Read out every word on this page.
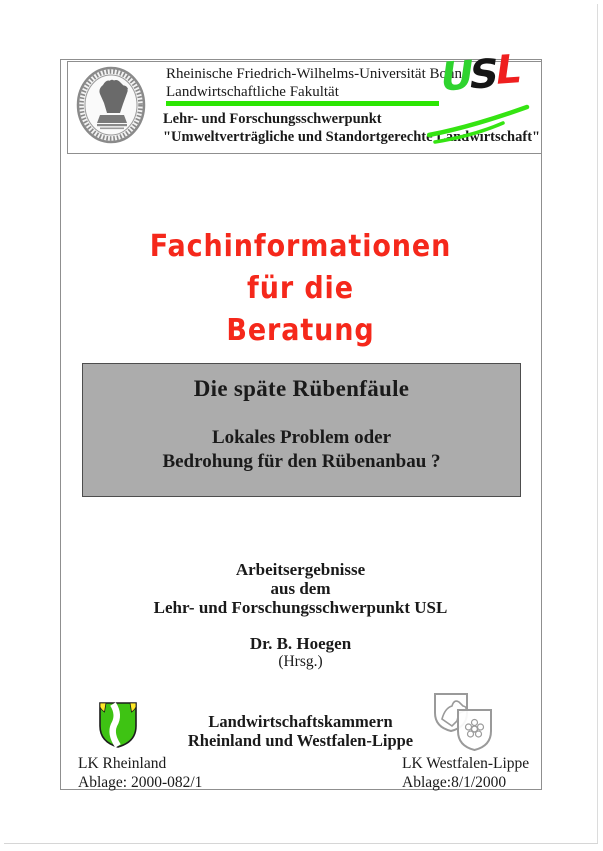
Rheinische Friedrich-Wilhelms-Universität Bonn
Landwirtschaftliche Fakultät
Lehr- und Forschungsschwerpunkt
"Umweltverträgliche und Standortgerechte Landwirtschaft"
USL
Fachinformationen
für die
Beratung
Die späte Rübenfäule
Lokales Problem oder
Bedrohung für den Rübenanbau ?
Arbeitsergebnisse
aus dem
Lehr- und Forschungsschwerpunkt USL
Dr. B. Hoegen
(Hrsg.)
Landwirtschaftskammern
Rheinland und Westfalen-Lippe
LK Rheinland
Ablage: 2000-082/1
LK Westfalen-Lippe
Ablage:8/1/2000
